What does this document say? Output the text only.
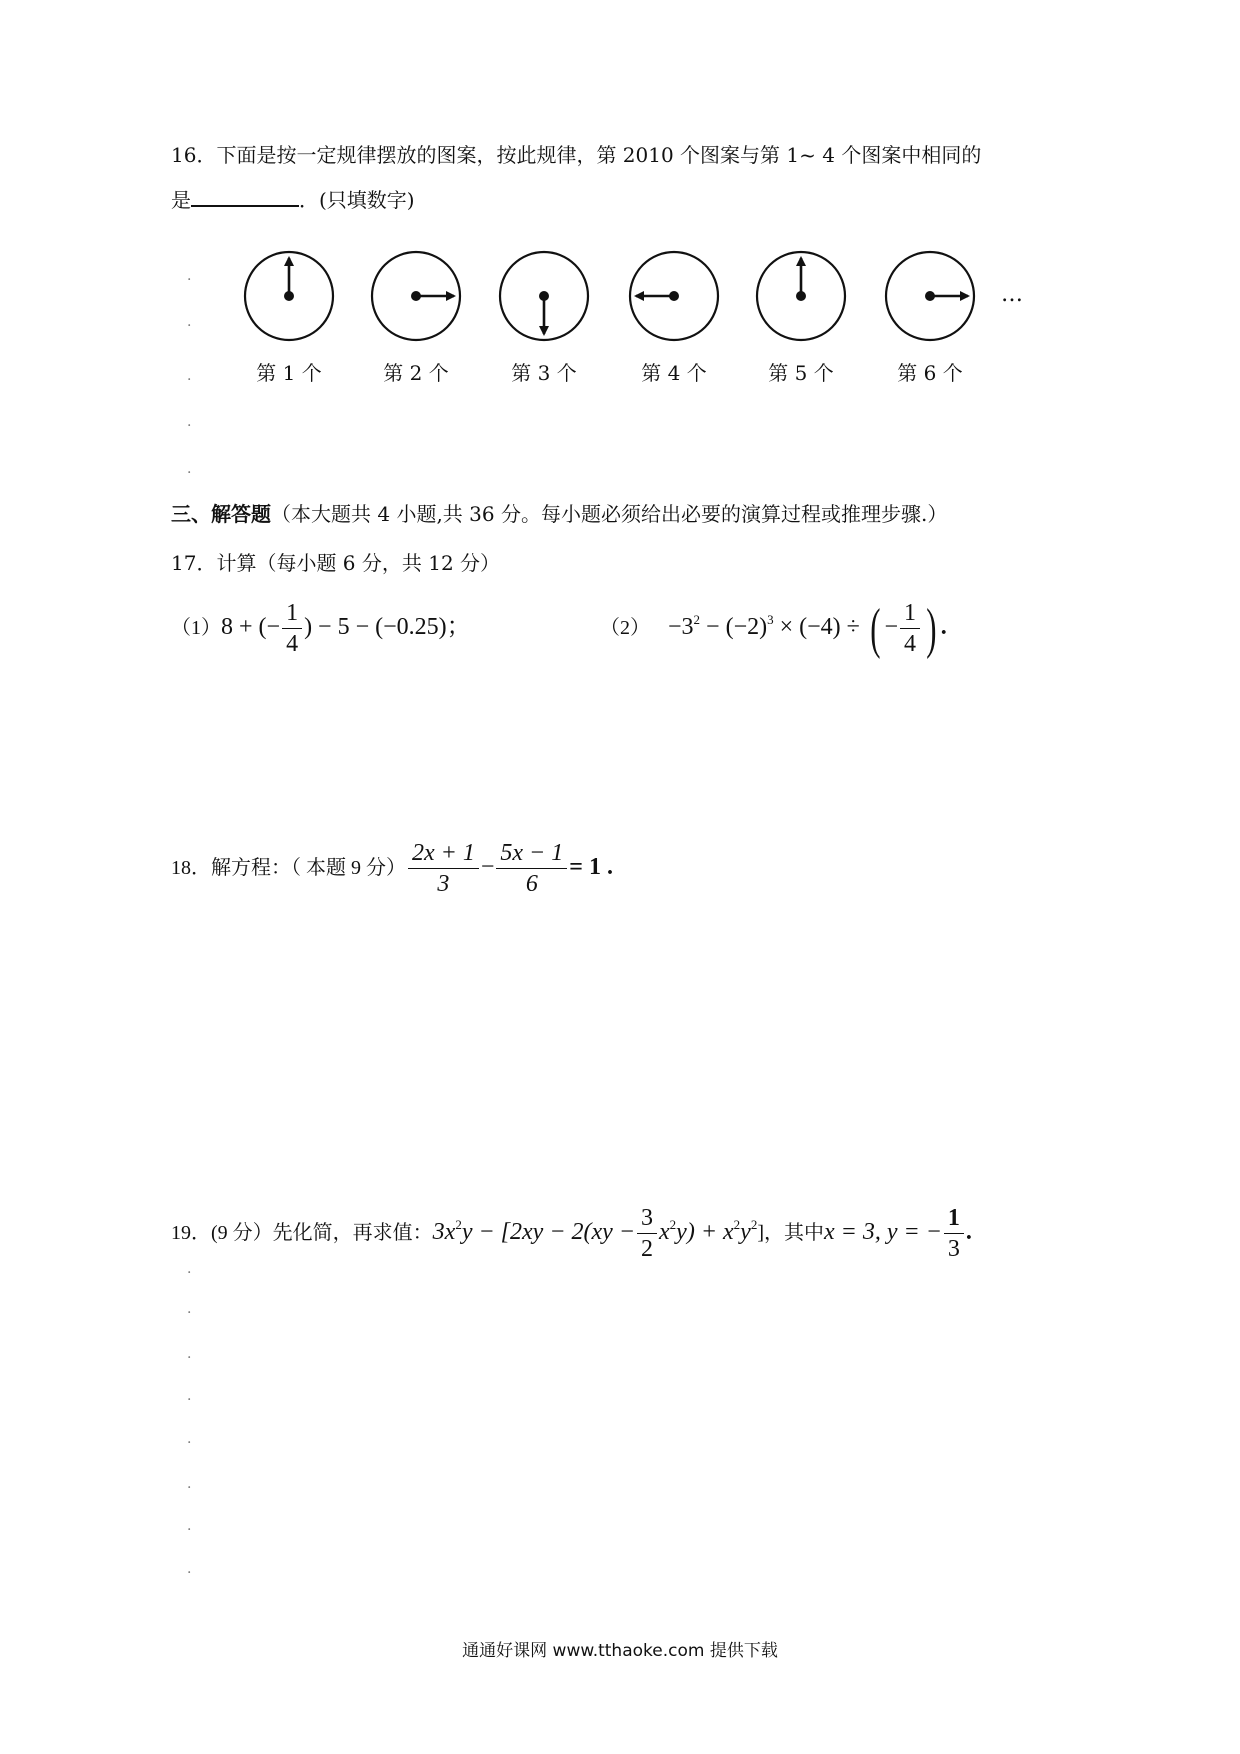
16．下面是按一定规律摆放的图案，按此规律，第 2010 个图案与第 1~ 4 个图案中相同的
是	．(只填数字)
…
第 1 个	第 2 个	第 3 个	第 4 个	第 5 个	第 6 个
·
·
·
·
·
三、解答题（本大题共 4 小题,共 36 分。每小题必须给出必要的演算过程或推理步骤.）
17．计算（每小题 6 分，共 12 分）
（1）8 + (− $\frac{1}{4}$ ) − 5 − (−0.25)；	$(2) -3^2 - (-2)^3 \times (-4)$ ÷ ( − $\frac{1}{4}$ ) .
18．解方程：（ 本题 9 分） $\frac{2x + 1}{3} - \frac{5x - 1}{6} = 1$ .
19．(9 分）先化简，再求值：$3x^2y - [2xy - 2(xy - \frac{3}{2} x^2y) + x^2y^2]$，其中x = 3, y = − $\frac{1}{3}$ .
·
·
·
·
·
·
·
·
通通好课网 www.tthaoke.com 提供下载
